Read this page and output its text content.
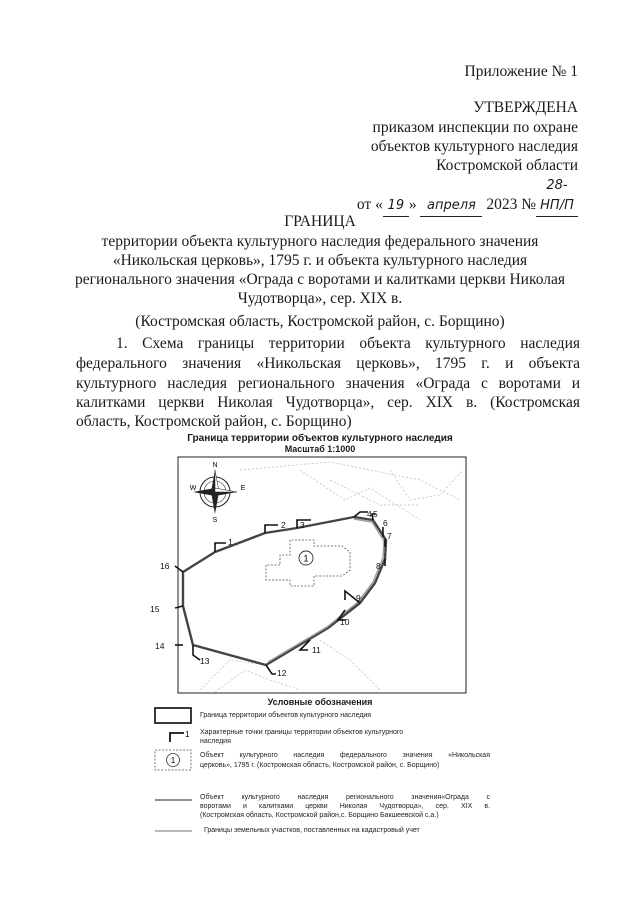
Приложение № 1
УТВЕРЖДЕНА
приказом инспекции по охране
объектов культурного наследия
Костромской области
от « 19 » апреля 2023 №28-НП/П
ГРАНИЦА
территории объекта культурного наследия федерального значения
«Никольская церковь», 1795 г. и объекта культурного наследия
регионального значения «Ограда с воротами и калитками церкви Николая
Чудотворца», сер. XIX в.
(Костромская область, Костромской район, с. Борщино)
1. Схема границы территории объекта культурного наследия
федерального значения «Никольская церковь», 1795 г. и объекта
культурного наследия регионального значения «Ограда с воротами и
калитками церкви Николая Чудотворца», сер. XIX в. (Костромская
область, Костромской район, с. Борщино)
Граница территории объектов культурного наследия
Масштаб 1:1000
1
N
S
W	E
1
2 3
4 5
6
7
8
9
10
11
12
13
14
15
16
1
1
Условные обозначения
Граница территории объектов культурного наследия
Характерные точки границы территории объектов культурного
наследия
Объект культурного наследия федерального значения «Никольская
церковь», 1795 г. (Костромская область, Костромской район, с. Борщино)
Объект культурного наследия регионального значения«Ограда с
воротами и калитками церкви Николая Чудотворца», сер. XIX в.
(Костромская область, Костромской район,с. Борщино Бакшеевской с.а.)
Границы земельных участков, поставленных на кадастровый учет
